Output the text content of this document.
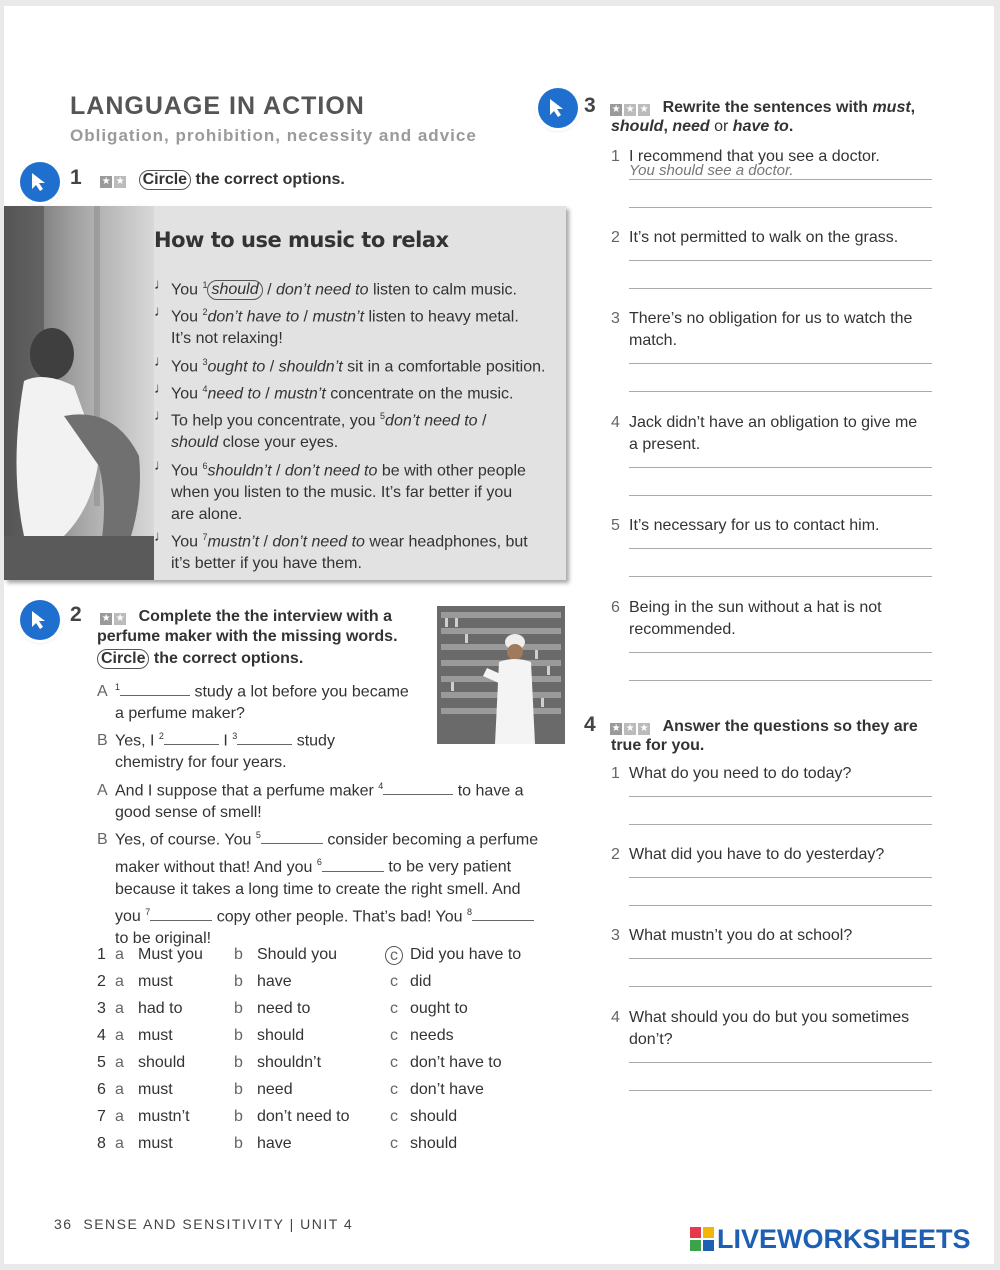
LANGUAGE IN ACTION
Obligation, prohibition, necessity and advice
1 ★ ★ Circle the correct options.
How to use music to relax
♩ You $^1$ should / don’t need to listen to calm music.
♩ You $^2$don’t have to / mustn’t listen to heavy metal.
It’s not relaxing!
♩ You $^3$ought to / shouldn’t sit in a comfortable position.
♩ You $^4$need to / mustn’t concentrate on the music.
♩ To help you concentrate, you $^5$don’t need to /
should close your eyes.
♩ You $^6$shouldn’t / don’t need to be with other people
when you listen to the music. It’s far better if you
are alone.
♩ You $^7$mustn’t / don’t need to wear headphones, but
it’s better if you have them.
2 ★ ★ Complete the the interview with a
perfume maker with the missing words.
Circle the correct options.
A $^1$	study a lot before you became
a perfume maker?
B Yes, I $^2$	I $^3$	study
chemistry for four years.
A And I suppose that a perfume maker $^4$	to have a
good sense of smell!
B Yes, of course. You $^5$	consider becoming a perfume
maker without that! And you $^6$	to be very patient
because it takes a long time to create the right smell. And
you $^7$	copy other people. That’s bad! You $^8$
to be original!
1 a Must you b Should you	c Did you have to
2 a must	b have	c did
3 a had to	b need to	c ought to
4 a must	b should	c needs
5 a should	b shouldn’t	c don’t have to
6 a must	b need	c don’t have
7 a mustn’t	b don’t need to	c should
8 a must	b have	c should
3 ★ ★ ★ Rewrite the sentences with must,
should, need or have to.
1 I recommend that you see a doctor.
You should see a doctor.
2 It’s not permitted to walk on the grass.
3 There’s no obligation for us to watch the
match.
4 Jack didn’t have an obligation to give me
a present.
5 It’s necessary for us to contact him.
6 Being in the sun without a hat is not
recommended.
4 ★ ★ ★ Answer the questions so they are
true for you.
1 What do you need to do today?
2 What did you have to do yesterday?
3 What mustn’t you do at school?
4 What should you do but you sometimes
don’t?
36 SENSE AND SENSITIVITY | UNIT 4	LIVEWORKSHEETS
